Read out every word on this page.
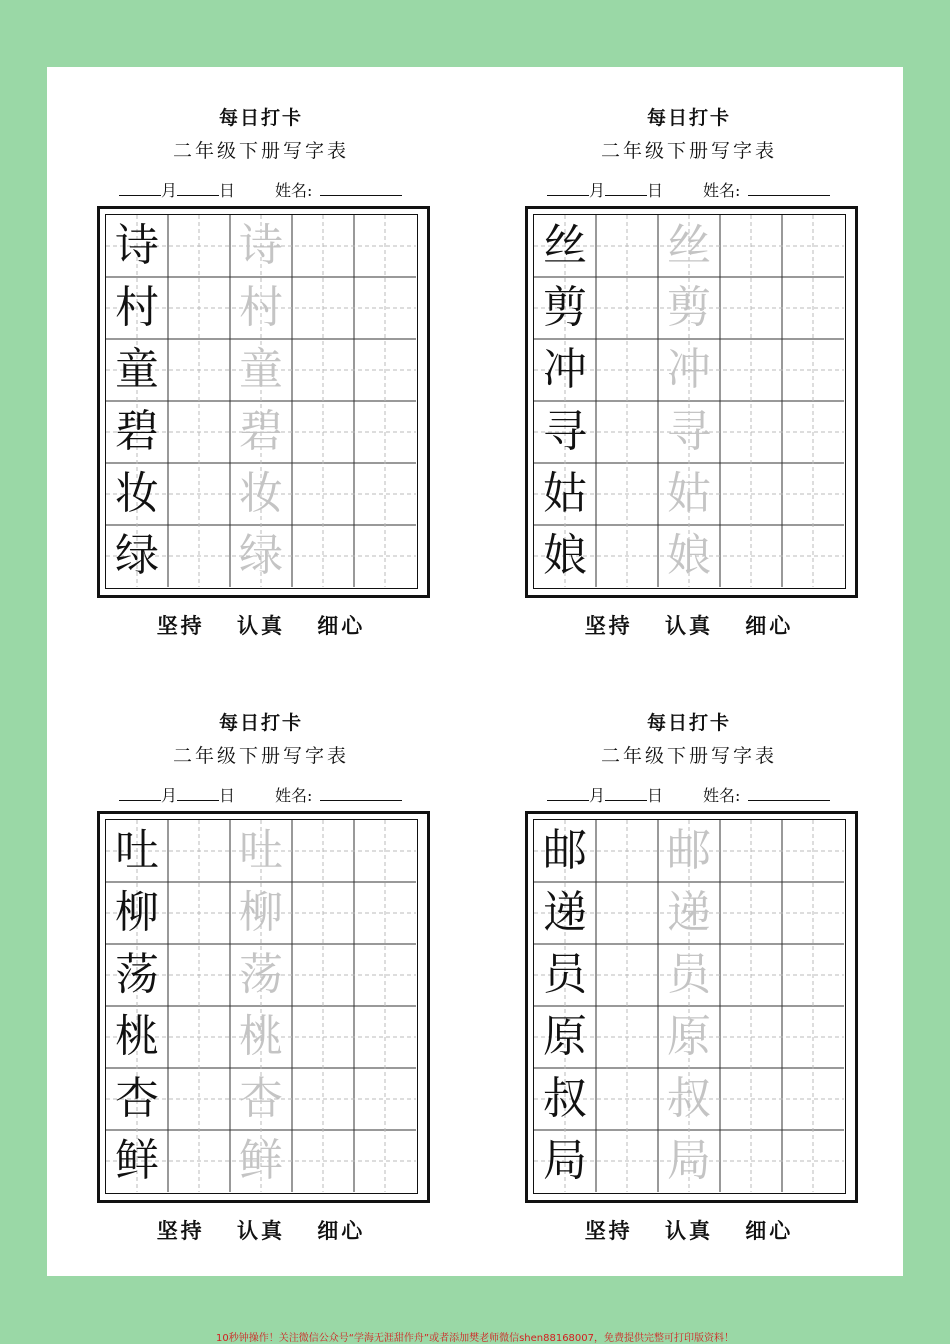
每日打卡
二年级下册写字表
月	日	姓名:
诗 诗
村 村
童 童
碧 碧
妆 妆
绿 绿
坚持 认真 细心
每日打卡
二年级下册写字表
月	日	姓名:
丝 丝
剪 剪
冲 冲
寻 寻
姑 姑
娘 娘
坚持 认真 细心
每日打卡
二年级下册写字表
月	日	姓名:
吐 吐
柳 柳
荡 荡
桃 桃
杏 杏
鲜 鲜
坚持 认真 细心
每日打卡
二年级下册写字表
月	日	姓名:
邮 邮
递 递
员 员
原 原
叔 叔
局 局
坚持 认真 细心
10秒钟操作！关注微信公众号“学海无涯甜作舟”或者添加樊老师微信shen88168007，免费提供完整可打印版资料！
